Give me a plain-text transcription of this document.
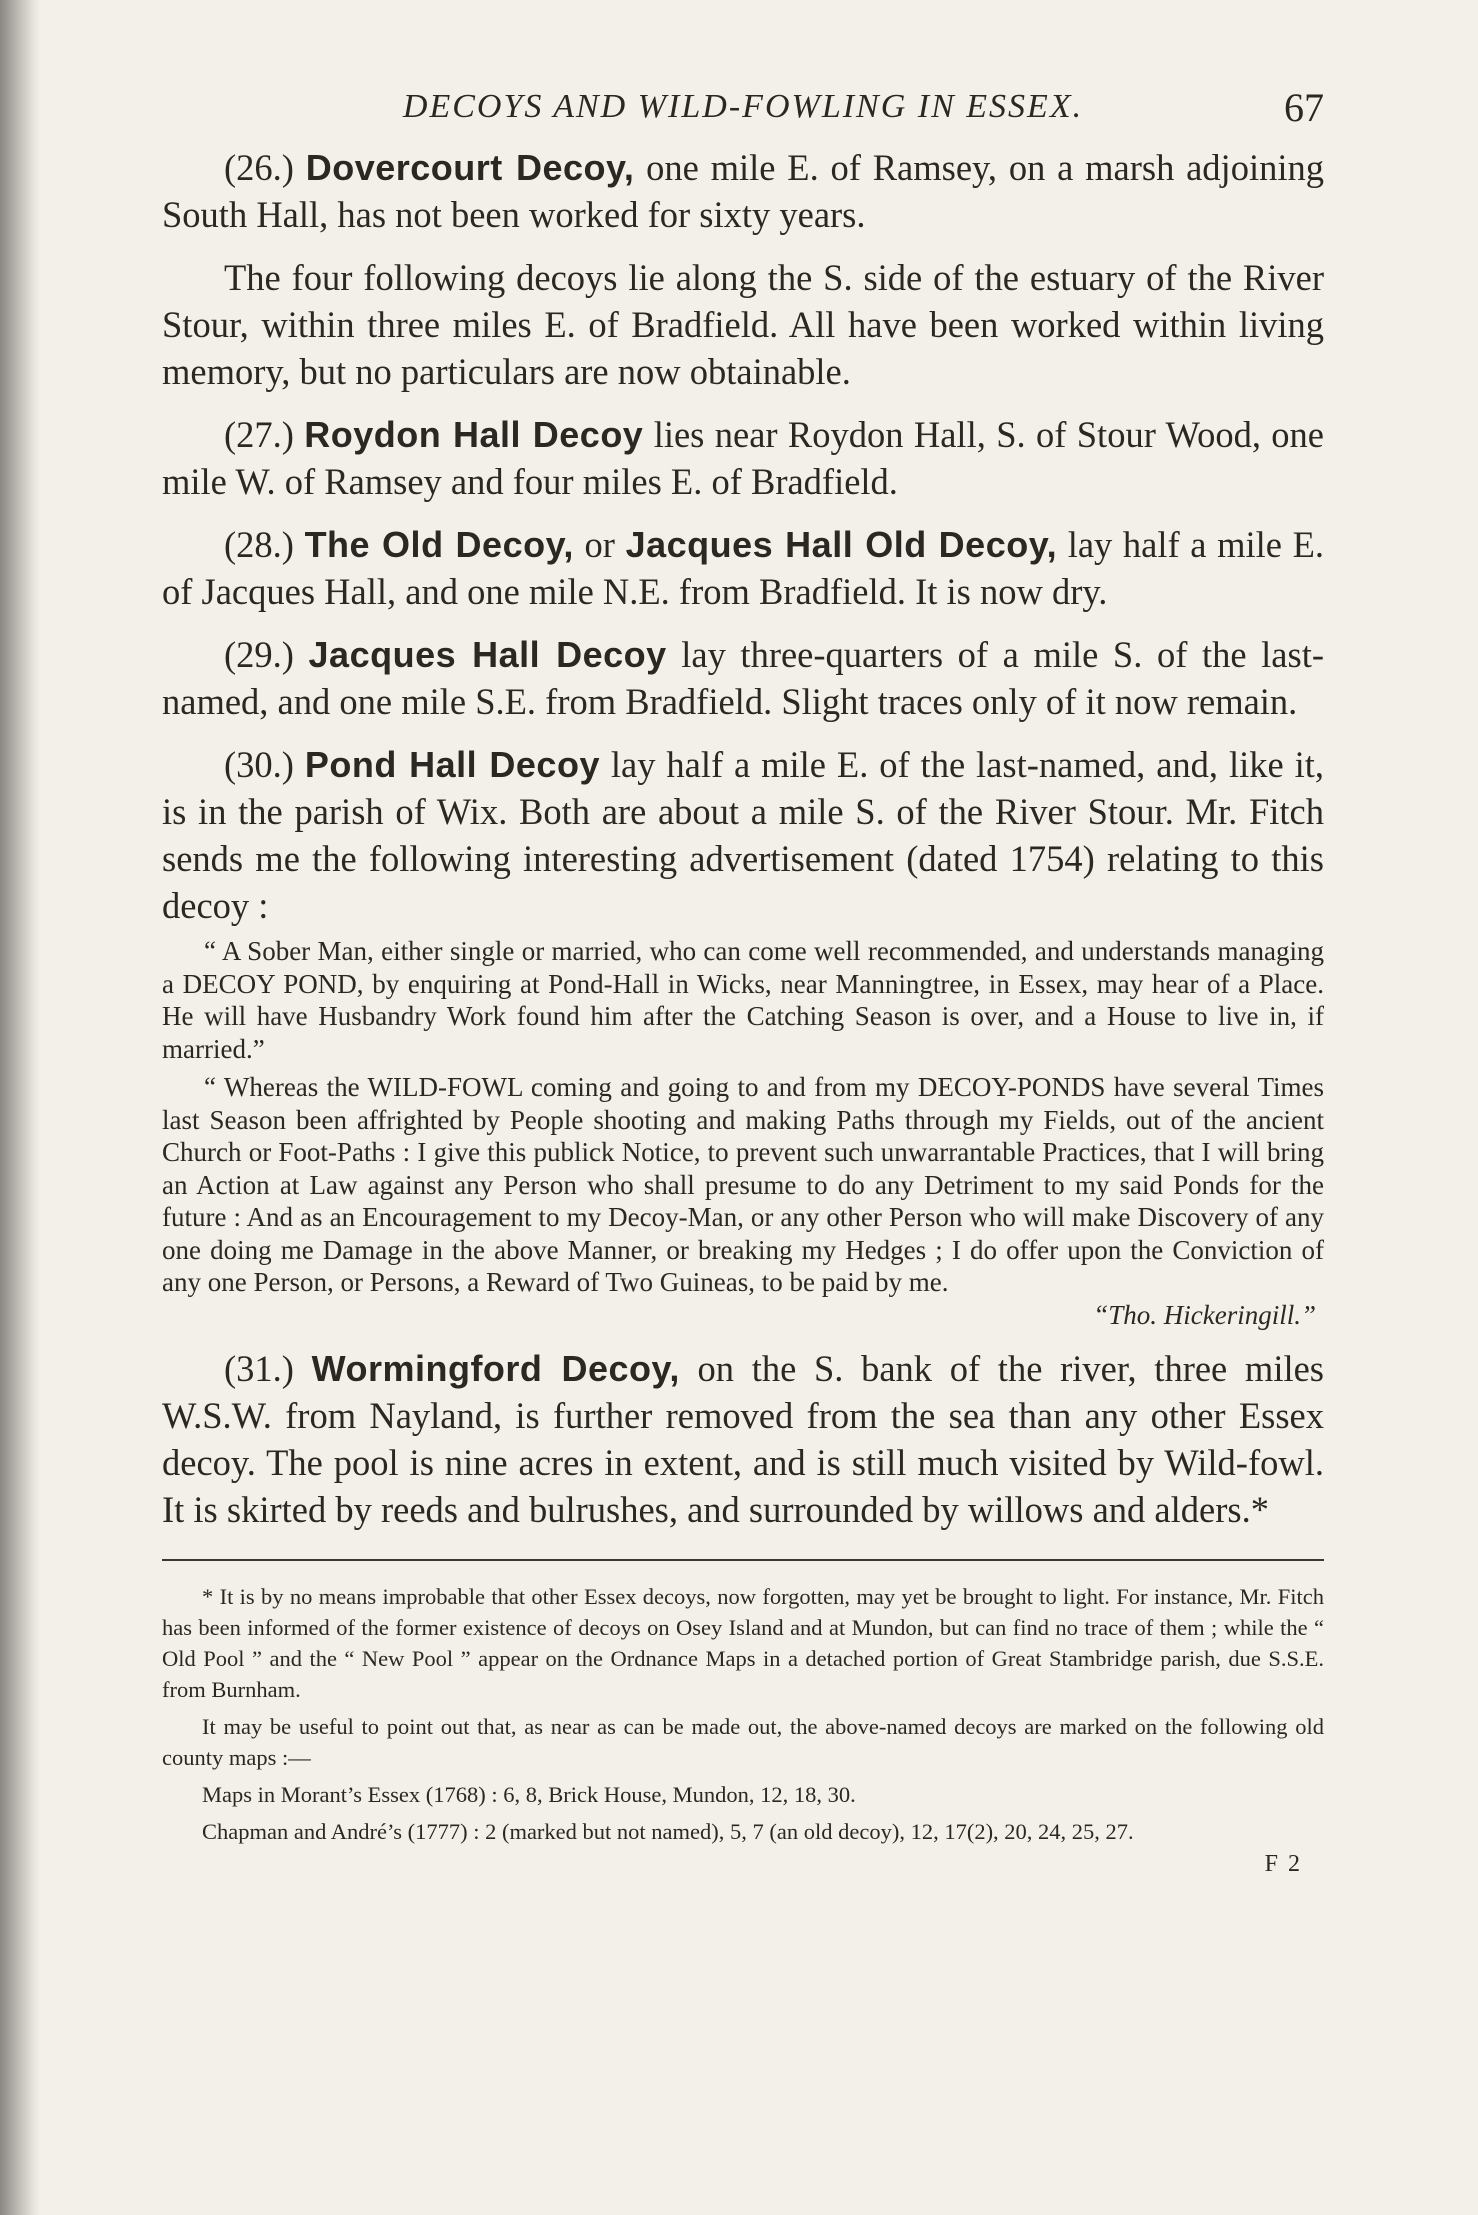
DECOYS AND WILD-FOWLING IN ESSEX.	67

(26.) Dovercourt Decoy, one mile E. of Ramsey, on a marsh adjoining South Hall, has not been worked for sixty years.

The four following decoys lie along the S. side of the estuary of the River Stour, within three miles E. of Bradfield. All have been worked within living memory, but no particulars are now obtainable.

(27.) Roydon Hall Decoy lies near Roydon Hall, S. of Stour Wood, one mile W. of Ramsey and four miles E. of Bradfield.

(28.) The Old Decoy, or Jacques Hall Old Decoy, lay half a mile E. of Jacques Hall, and one mile N.E. from Bradfield. It is now dry.

(29.) Jacques Hall Decoy lay three-quarters of a mile S. of the last-named, and one mile S.E. from Bradfield. Slight traces only of it now remain.

(30.) Pond Hall Decoy lay half a mile E. of the last-named, and, like it, is in the parish of Wix. Both are about a mile S. of the River Stour. Mr. Fitch sends me the following interesting advertisement (dated 1754) relating to this decoy :

“ A Sober Man, either single or married, who can come well recommended, and understands managing a DECOY POND, by enquiring at Pond-Hall in Wicks, near Manningtree, in Essex, may hear of a Place. He will have Husbandry Work found him after the Catching Season is over, and a House to live in, if married.”

“ Whereas the WILD-FOWL coming and going to and from my DECOY-PONDS have several Times last Season been affrighted by People shooting and making Paths through my Fields, out of the ancient Church or Foot-Paths : I give this publick Notice, to prevent such unwarrantable Practices, that I will bring an Action at Law against any Person who shall presume to do any Detriment to my said Ponds for the future : And as an Encouragement to my Decoy-Man, or any other Person who will make Discovery of any one doing me Damage in the above Manner, or breaking my Hedges ; I do offer upon the Conviction of any one Person, or Persons, a Reward of Two Guineas, to be paid by me.

“Tho. Hickeringill.”

(31.) Wormingford Decoy, on the S. bank of the river, three miles W.S.W. from Nayland, is further removed from the sea than any other Essex decoy. The pool is nine acres in extent, and is still much visited by Wild-fowl. It is skirted by reeds and bulrushes, and surrounded by willows and alders.*

* It is by no means improbable that other Essex decoys, now forgotten, may yet be brought to light. For instance, Mr. Fitch has been informed of the former existence of decoys on Osey Island and at Mundon, but can find no trace of them ; while the “ Old Pool ” and the “ New Pool ” appear on the Ordnance Maps in a detached portion of Great Stambridge parish, due S.S.E. from Burnham.

It may be useful to point out that, as near as can be made out, the above-named decoys are marked on the following old county maps :—

Maps in Morant’s Essex (1768) : 6, 8, Brick House, Mundon, 12, 18, 30.

Chapman and André’s (1777) : 2 (marked but not named), 5, 7 (an old decoy), 12, 17(2), 20, 24, 25, 27.

F 2
